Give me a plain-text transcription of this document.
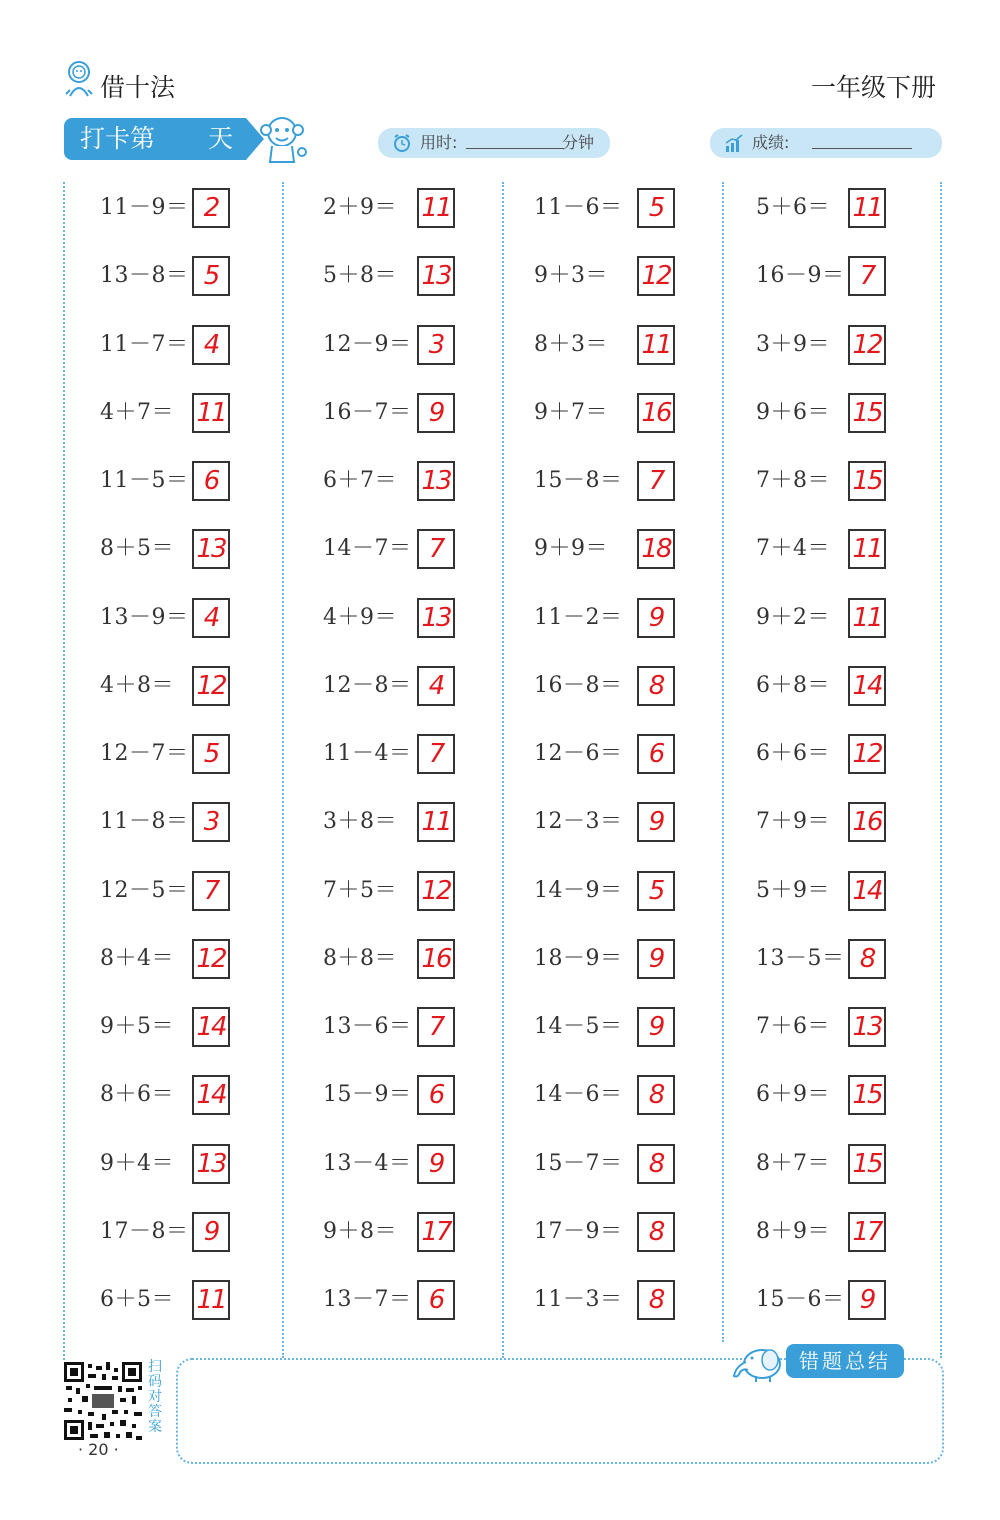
借十法	一年级下册
打卡第 天	用时:	分钟	成绩:
11－9＝ 2
13－8＝ 5
11－7＝ 4
4＋7＝ 11
11－5＝ 6
8＋5＝ 13
13－9＝ 4
4＋8＝ 12
12－7＝ 5
11－8＝ 3
12－5＝ 7
8＋4＝ 12
9＋5＝ 14
8＋6＝ 14
9＋4＝ 13
17－8＝ 9
6＋5＝ 11
2＋9＝ 11
5＋8＝ 13
12－9＝ 3
16－7＝ 9
6＋7＝ 13
14－7＝ 7
4＋9＝ 13
12－8＝ 4
11－4＝ 7
3＋8＝ 11
7＋5＝ 12
8＋8＝ 16
13－6＝ 7
15－9＝ 6
13－4＝ 9
9＋8＝ 17
13－7＝ 6
11－6＝	5
9＋3＝ 12
8＋3＝ 11
9＋7＝ 16
15－8＝	7
9＋9＝ 18
11－2＝	9
16－8＝	8
12－6＝	6
12－3＝	9
14－9＝	5
18－9＝	9
14－5＝	9
14－6＝	8
15－7＝	8
17－9＝	8
11－3＝	8
5＋6＝ 11
16－9＝ 7
3＋9＝ 12
9＋6＝ 15
7＋8＝ 15
7＋4＝ 11
9＋2＝ 11
6＋8＝ 14
6＋6＝ 12
7＋9＝ 16
5＋9＝ 14
13－5＝ 8
7＋6＝ 13
6＋9＝ 15
8＋7＝ 15
8＋9＝ 17
15－6＝ 9
扫码对答案
· 20 ·
错题总结
